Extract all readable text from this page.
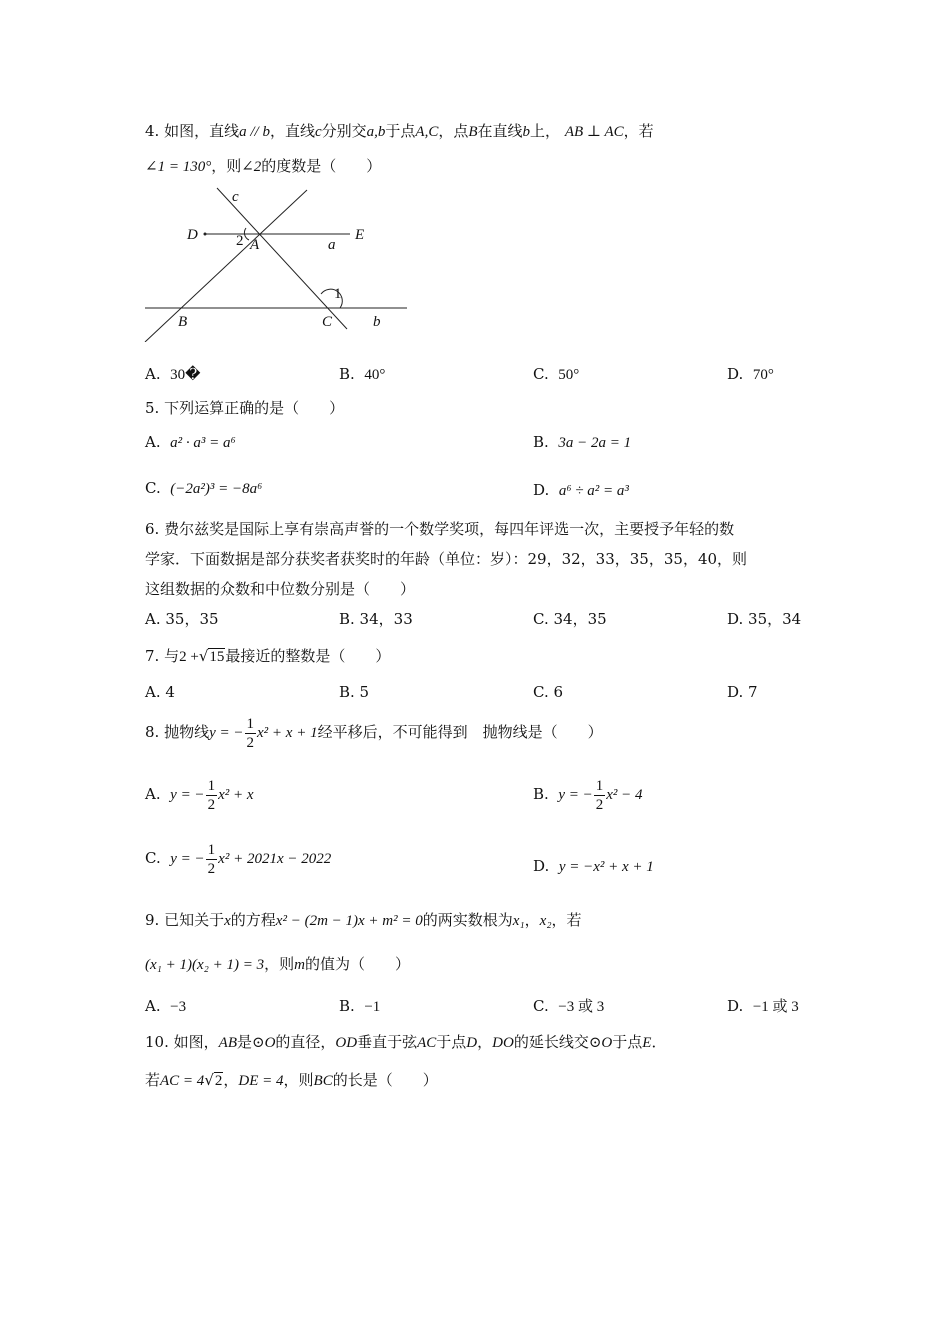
4. 如图，直线a // b，直线c分别交a,b于点A,C，点B在直线b上， AB ⊥ AC，若
∠1 = 130°，则∠2的度数是（　　）
c
D	E
2 A	a
1
B	C	b
A. 30�	B. 40°	C. 50°	D. 70°
5. 下列运算正确的是（　　）
A. a² · a³ = a⁶	B. 3a − 2a = 1
C. (−2a²)³ = −8a⁶	D. a⁶ ÷ a² = a³
6. 费尔兹奖是国际上享有崇高声誉的一个数学奖项，每四年评选一次，主要授予年轻的数
学家．下面数据是部分获奖者获奖时的年龄（单位：岁）：29，32，33，35，35，40，则
这组数据的众数和中位数分别是（　　）
A. 35，35	B. 34，33	C. 34，35	D. 35，34
7. 与2 +√15最接近的整数是（　　）
A. 4	B. 5	C. 6	D. 7
8. 抛物线y = − $\frac{1}{2} x^2 + x + 1$经平移后，不可能得到　抛物线是（　　）
A. y = − $\frac{1}{2} x^2 + x$	B. y = − $\frac{1}{2} x^2 - 4$
C. y = − $\frac{1}{2} x^2 + 2021x - 2022$	D. y = −x² + x + 1
9. 已知关于x的方程x² − (2m − 1)x + m² = 0的两实数根为x₁，x₂，若
(x₁ + 1)(x₂ + 1) = 3，则m的值为（　　）
A. −3	B. −1	C. −3 或 3	D. −1 或 3
10. 如图，AB是⊙O的直径，OD垂直于弦AC于点D，DO的延长线交⊙O于点E．
若AC = 4√2，DE = 4，则BC的长是（　　）
